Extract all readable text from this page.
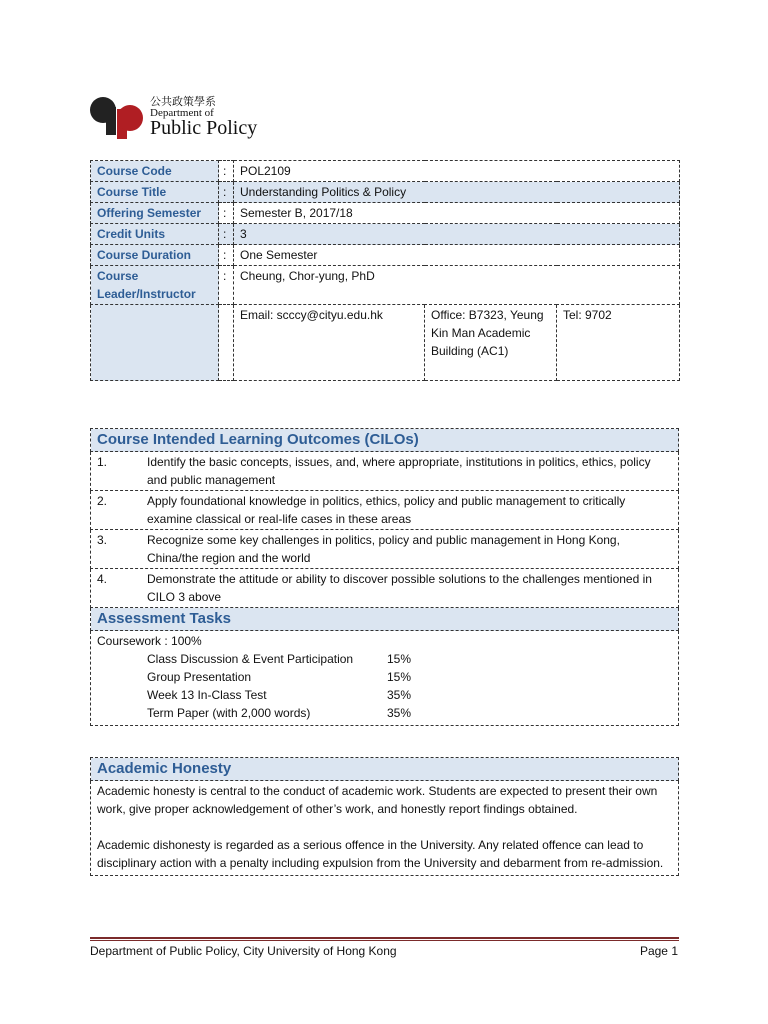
公共政策學系
Department of
Public Policy
Course Code	:	POL2109		
Course Title	:	Understanding Politics & Policy		
Offering Semester	:	Semester B, 2017/18		
Credit Units	:	3		
Course Duration	:	One Semester		
Course Leader/Instructor	:	Cheung, Chor-yung, PhD		
		Email: scccy@cityu.edu.hk	Office: B7323, Yeung Kin Man Academic Building (AC1)	Tel: 9702
Course Intended Learning Outcomes (CILOs)
1.	Identify the basic concepts, issues, and, where appropriate, institutions in politics, ethics, policy and public management
2.	Apply foundational knowledge in politics, ethics, policy and public management to critically examine classical or real-life cases in these areas
3.	Recognize some key challenges in politics, policy and public management in Hong Kong, China/the region and the world
4.	Demonstrate the attitude or ability to discover possible solutions to the challenges mentioned in CILO 3 above
Assessment Tasks

Coursework : 100%
Class Discussion & Event Participation	15%
Group Presentation	15%
Week 13 In-Class Test	35%
Term Paper (with 2,000 words)	35%
Academic Honesty

Academic honesty is central to the conduct of academic work. Students are expected to present their own work, give proper acknowledgement of other’s work, and honestly report findings obtained.

Academic dishonesty is regarded as a serious offence in the University. Any related offence can lead to disciplinary action with a penalty including expulsion from the University and debarment from re-admission.

Department of Public Policy, City University of Hong Kong	Page 1
